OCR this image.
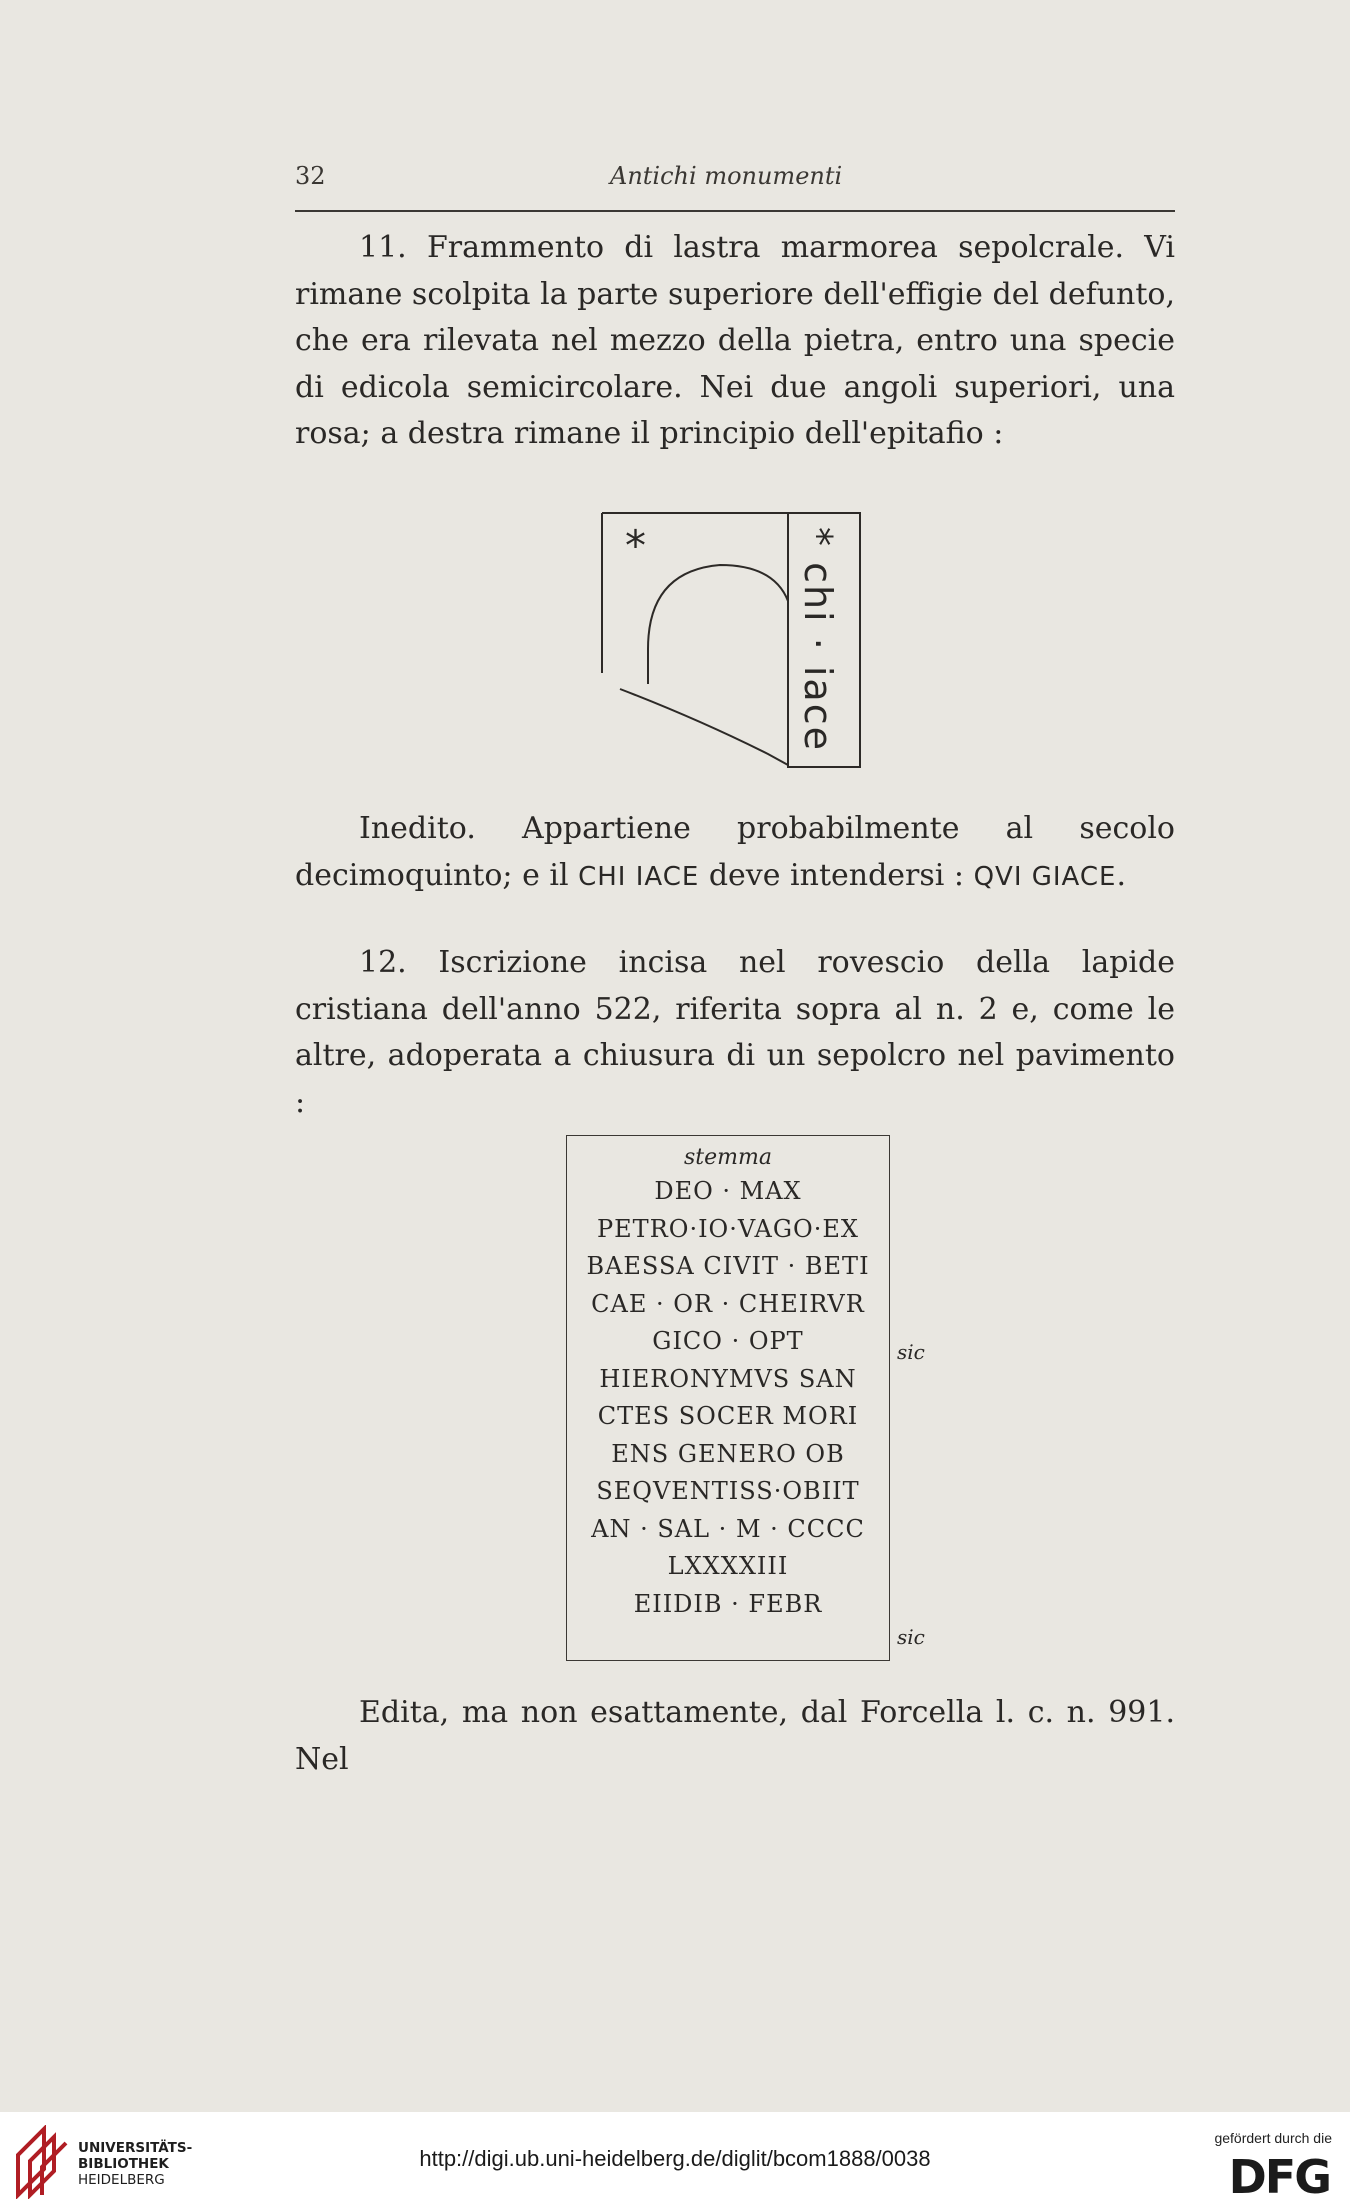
32	Antichi monumenti
11. Frammento di lastra marmorea sepolcrale. Vi rimane scolpita la parte superiore dell'effigie del defunto, che era rilevata nel mezzo della pietra, entro una specie di edicola semicircolare. Nei due angoli superiori, una rosa; a destra rimane il principio dell'epitafio :
*	* chi · iace
Inedito. Appartiene probabilmente al secolo decimoquinto; e il CHI IACE deve intendersi : QVI GIACE.
12. Iscrizione incisa nel rovescio della lapide cristiana dell'anno 522, riferita sopra al n. 2 e, come le altre, adoperata a chiusura di un sepolcro nel pavimento :
stemma
DEO · MAX
PETRO·IO·VAGO·EX
BAESSA CIVIT · BETI
CAE · OR · CHEIRVR
GICO · OPT
HIERONYMVS SAN
CTES SOCER MORI
ENS GENERO OB
SEQVENTISS·OBIIT
AN · SAL · M · CCCC
LXXXXIII
EIIDIB · FEBR
sic
sic
Edita, ma non esattamente, dal Forcella l. c. n. 991. Nel
UNIVERSITÄTS-
BIBLIOTHEK
HEIDELBERG
http://digi.ub.uni-heidelberg.de/diglit/bcom1888/0038
gefördert durch die
DFG
